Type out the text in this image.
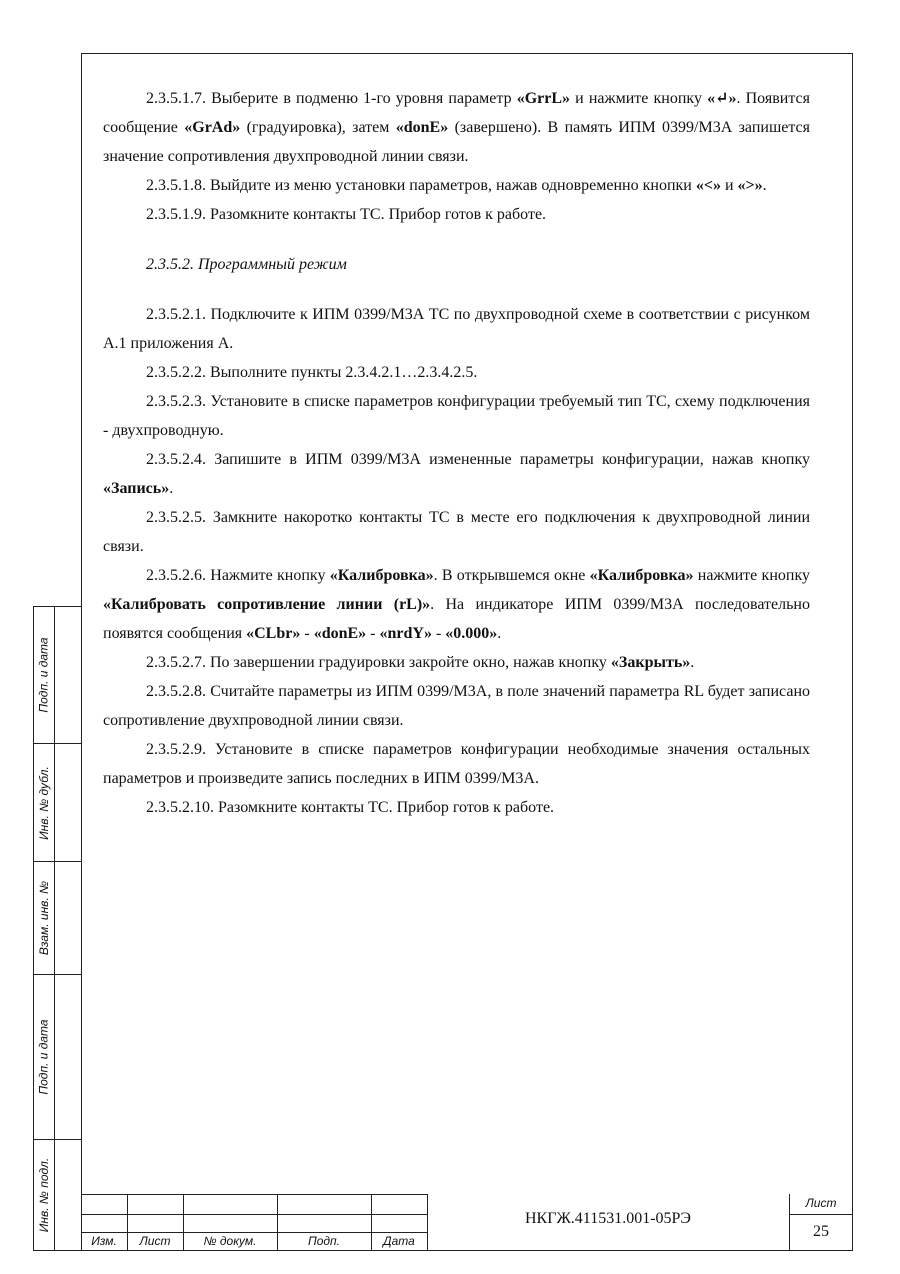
2.3.5.1.7. Выберите в подменю 1-го уровня параметр «GrrL» и нажмите кнопку «↵». Появится сообщение «GrAd» (градуировка), затем «donE» (завершено). В память ИПМ 0399/М3А запишется значение сопротивления двухпроводной линии связи.

2.3.5.1.8. Выйдите из меню установки параметров, нажав одновременно кнопки «<» и «>».

2.3.5.1.9. Разомкните контакты ТС. Прибор готов к работе.

2.3.5.2. Программный режим

2.3.5.2.1. Подключите к ИПМ 0399/М3А ТС по двухпроводной схеме в соответствии с рисунком А.1 приложения А.

2.3.5.2.2. Выполните пункты 2.3.4.2.1…2.3.4.2.5.

2.3.5.2.3. Установите в списке параметров конфигурации требуемый тип ТС, схему подключения - двухпроводную.

2.3.5.2.4. Запишите в ИПМ 0399/М3А измененные параметры конфигурации, нажав кнопку «Запись».

2.3.5.2.5. Замкните накоротко контакты ТС в месте его подключения к двухпроводной линии связи.

2.3.5.2.6. Нажмите кнопку «Калибровка». В открывшемся окне «Калибровка» нажмите кнопку «Калибровать сопротивление линии (rL)». На индикаторе ИПМ 0399/М3А последовательно появятся сообщения «CLbr» - «donE» - «nrdY» - «0.000».

2.3.5.2.7. По завершении градуировки закройте окно, нажав кнопку «Закрыть».

2.3.5.2.8. Считайте параметры из ИПМ 0399/М3А, в поле значений параметра RL будет записано сопротивление двухпроводной линии связи.

2.3.5.2.9. Установите в списке параметров конфигурации необходимые значения остальных параметров и произведите запись последних в ИПМ 0399/М3А.

2.3.5.2.10. Разомкните контакты ТС. Прибор готов к работе.

Подп. и дата
Инв. № дубл.
Взам. инв. №
Подп. и дата
Инв. № подл.
Изм.	Лист	№ докум.	Подп.	Дата
НКГЖ.411531.001-05РЭ
Лист
25
